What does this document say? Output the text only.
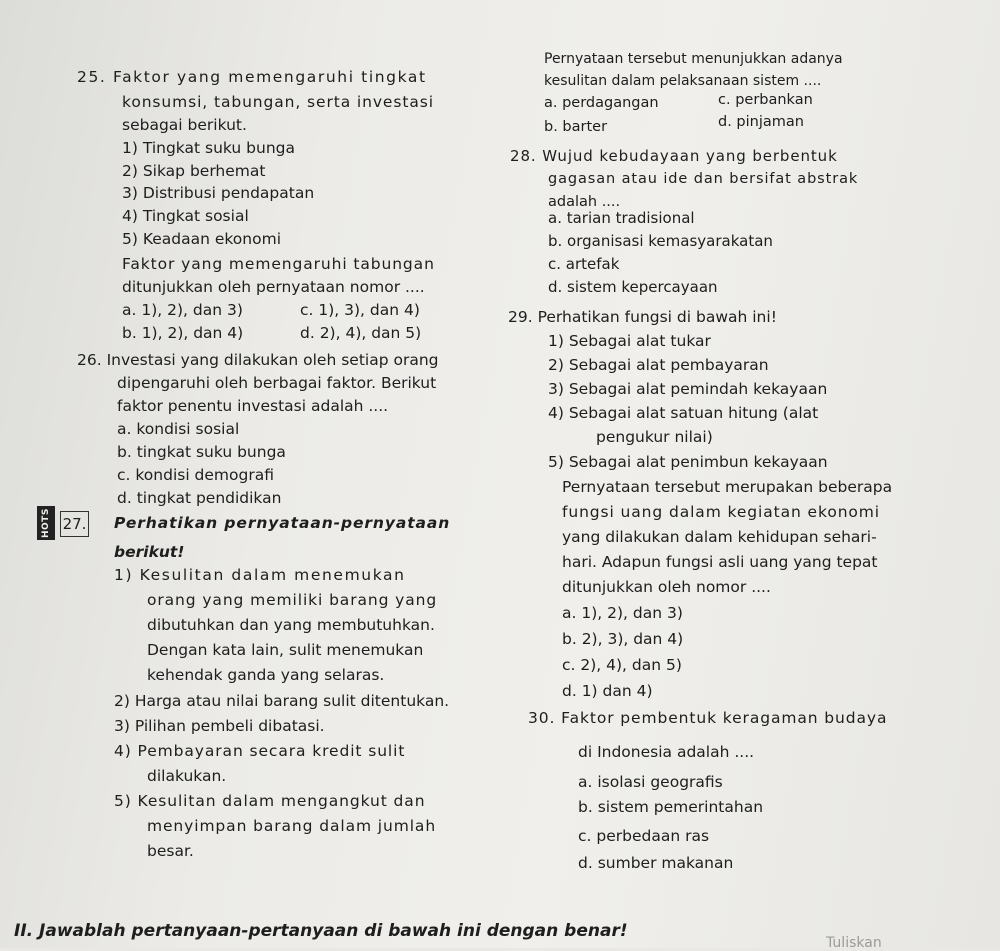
25. Faktor yang memengaruhi tingkat
konsumsi, tabungan, serta investasi
sebagai berikut.
1) Tingkat suku bunga
2) Sikap berhemat
3) Distribusi pendapatan
4) Tingkat sosial
5) Keadaan ekonomi
Faktor yang memengaruhi tabungan
ditunjukkan oleh pernyataan nomor ....
a. 1), 2), dan 3)	c. 1), 3), dan 4)
b. 1), 2), dan 4)	d. 2), 4), dan 5)
26. Investasi yang dilakukan oleh setiap orang
dipengaruhi oleh berbagai faktor. Berikut
faktor penentu investasi adalah ....
a. kondisi sosial
b. tingkat suku bunga
c. kondisi demografi
d. tingkat pendidikan
HOTS 27. Perhatikan pernyataan-pernyataan
berikut!
1) Kesulitan dalam menemukan
orang yang memiliki barang yang
dibutuhkan dan yang membutuhkan.
Dengan kata lain, sulit menemukan
kehendak ganda yang selaras.
2) Harga atau nilai barang sulit ditentukan.
3) Pilihan pembeli dibatasi.
4) Pembayaran secara kredit sulit
dilakukan.
5) Kesulitan dalam mengangkut dan
menyimpan barang dalam jumlah
besar.
Pernyataan tersebut menunjukkan adanya
kesulitan dalam pelaksanaan sistem ....
a. perdagangan	c. perbankan
b. barter	d. pinjaman
28. Wujud kebudayaan yang berbentuk
gagasan atau ide dan bersifat abstrak
adalah ....
a. tarian tradisional
b. organisasi kemasyarakatan
c. artefak
d. sistem kepercayaan
29. Perhatikan fungsi di bawah ini!
1) Sebagai alat tukar
2) Sebagai alat pembayaran
3) Sebagai alat pemindah kekayaan
4) Sebagai alat satuan hitung (alat
pengukur nilai)
5) Sebagai alat penimbun kekayaan
Pernyataan tersebut merupakan beberapa
fungsi uang dalam kegiatan ekonomi
yang dilakukan dalam kehidupan sehari-
hari. Adapun fungsi asli uang yang tepat
ditunjukkan oleh nomor ....
a. 1), 2), dan 3)
b. 2), 3), dan 4)
c. 2), 4), dan 5)
d. 1) dan 4)
30. Faktor pembentuk keragaman budaya
di Indonesia adalah ....
a. isolasi geografis
b. sistem pemerintahan
c. perbedaan ras
d. sumber makanan
II. Jawablah pertanyaan-pertanyaan di bawah ini dengan benar!
Tuliskan
